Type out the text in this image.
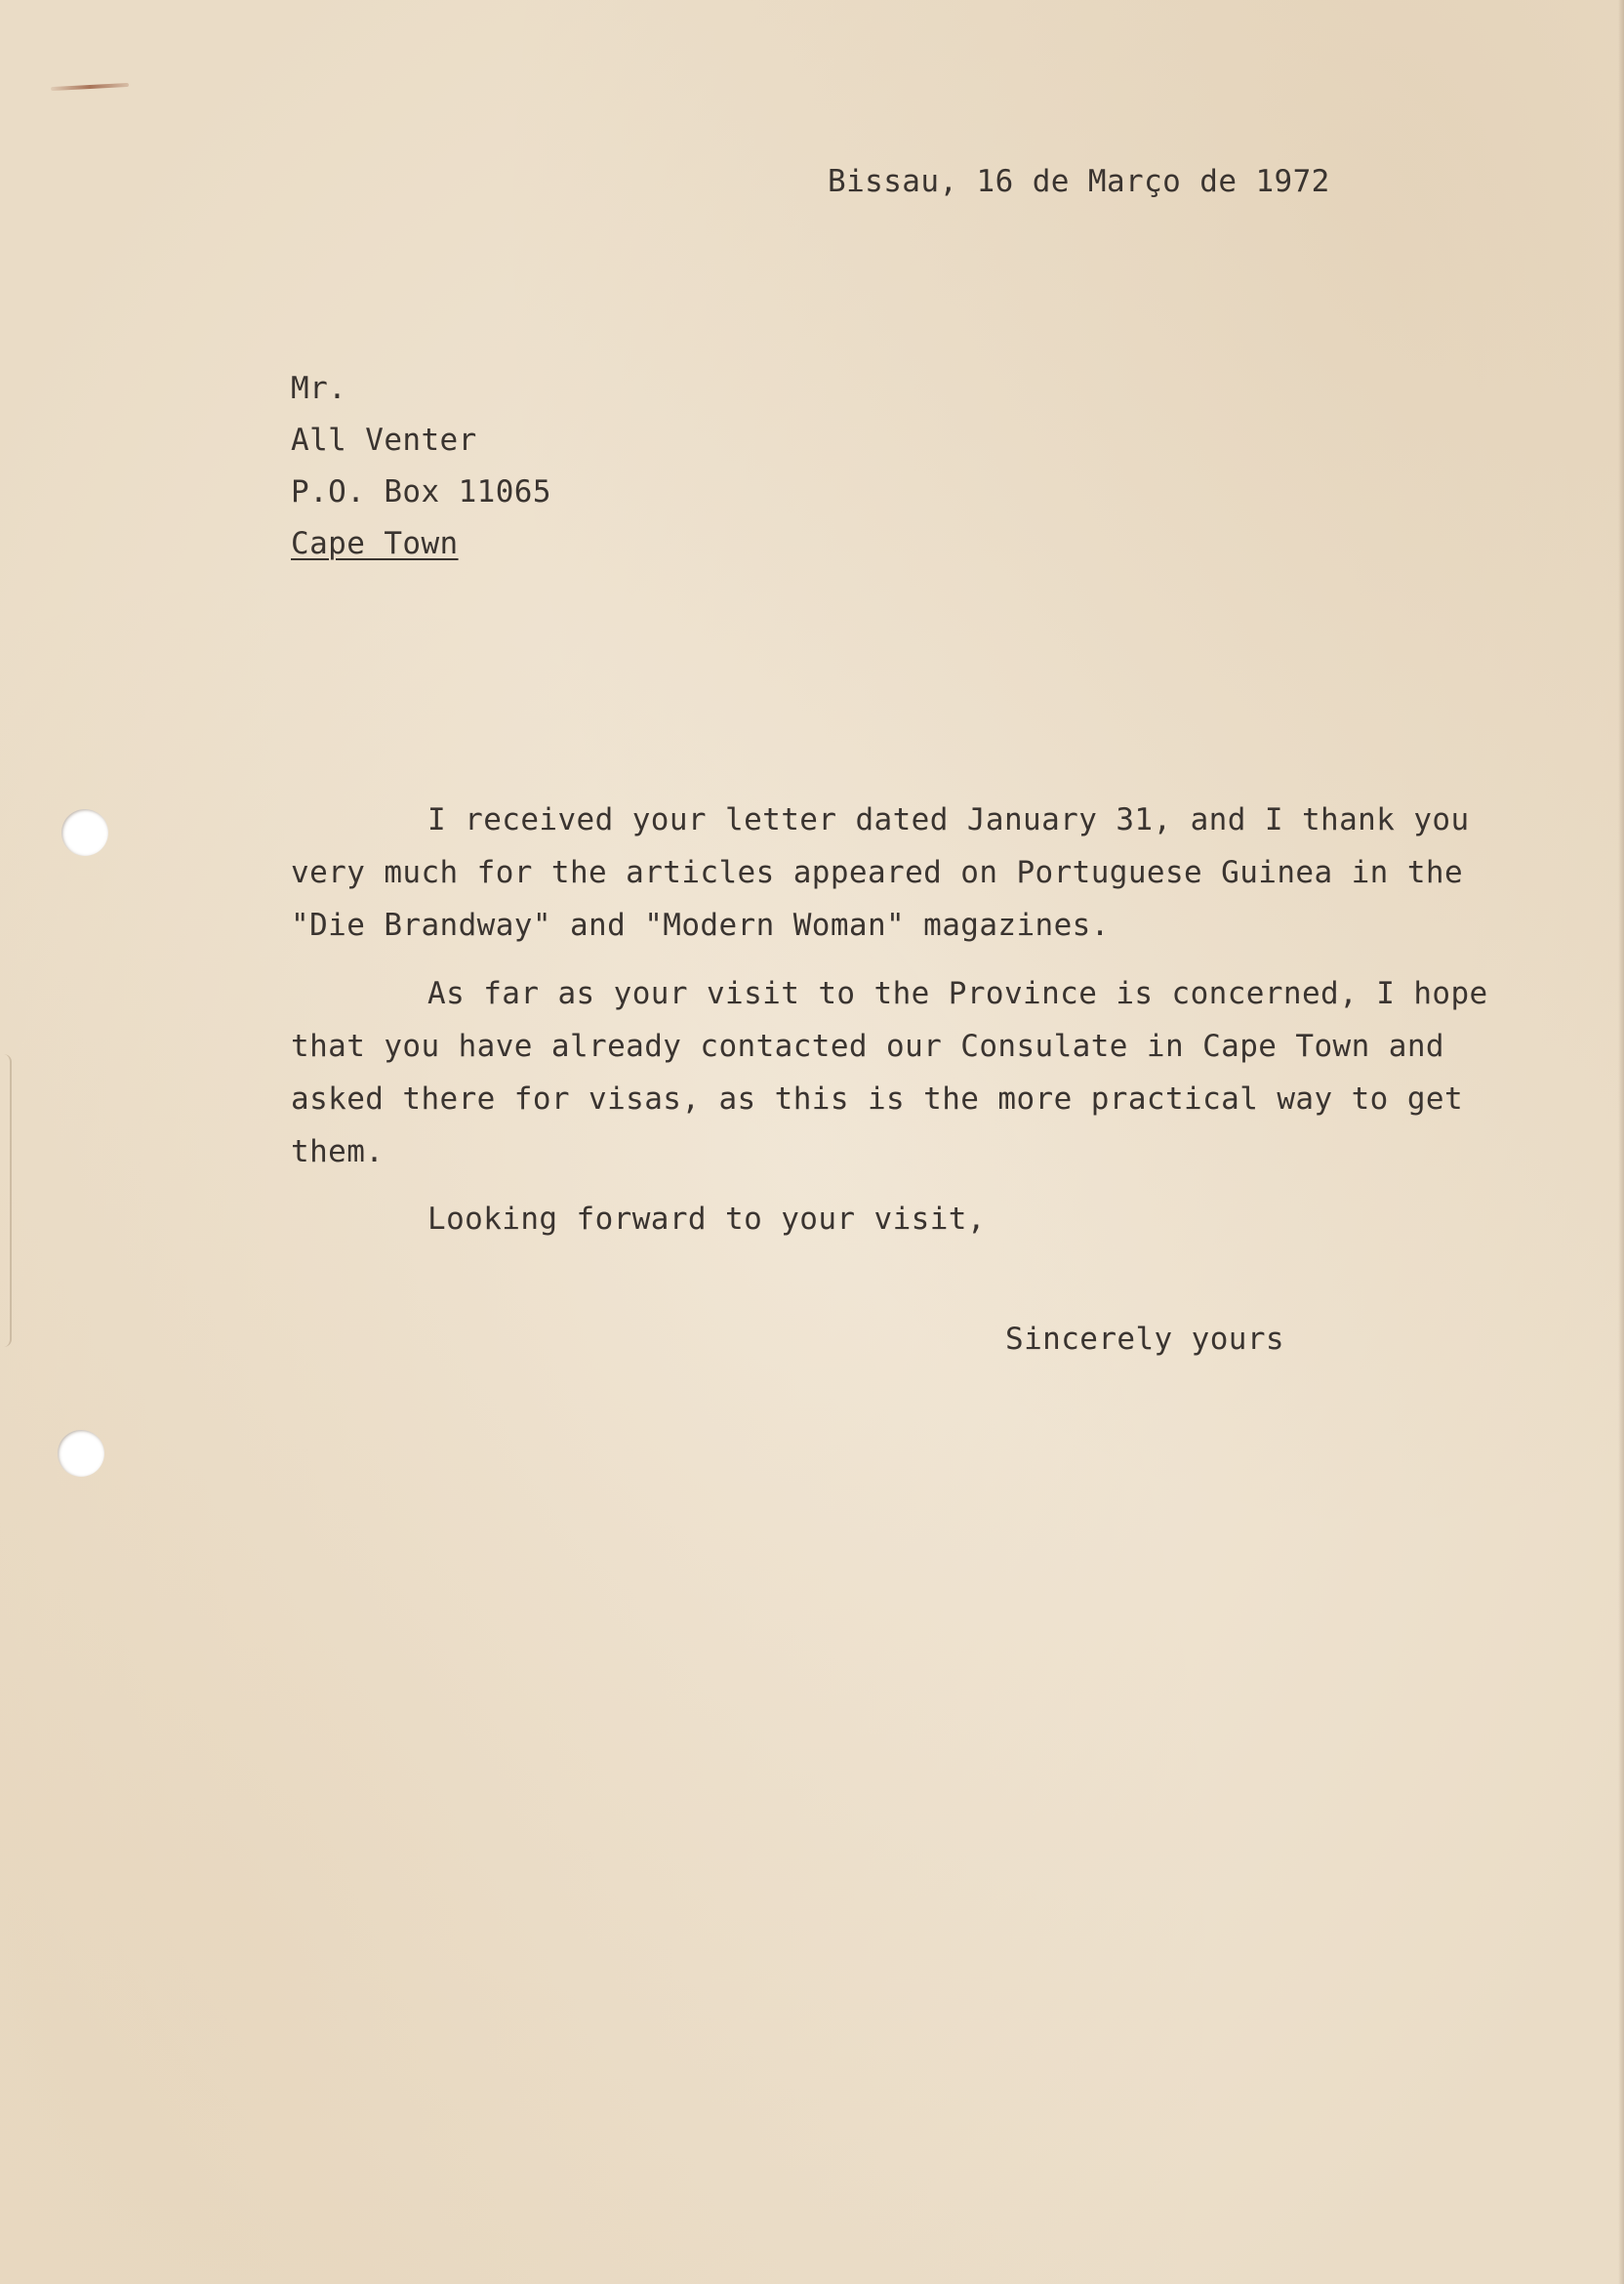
Bissau, 16 de Março de 1972
Mr.
All Venter
P.O. Box 11065
Cape Town
I received your letter dated January 31, and I thank you
very much for the articles appeared on Portuguese Guinea in the
"Die Brandway" and "Modern Woman" magazines.
As far as your visit to the Province is concerned, I hope
that you have already contacted our Consulate in Cape Town and
asked there for visas, as this is the more practical way to get
them.
Looking forward to your visit,
Sincerely yours
